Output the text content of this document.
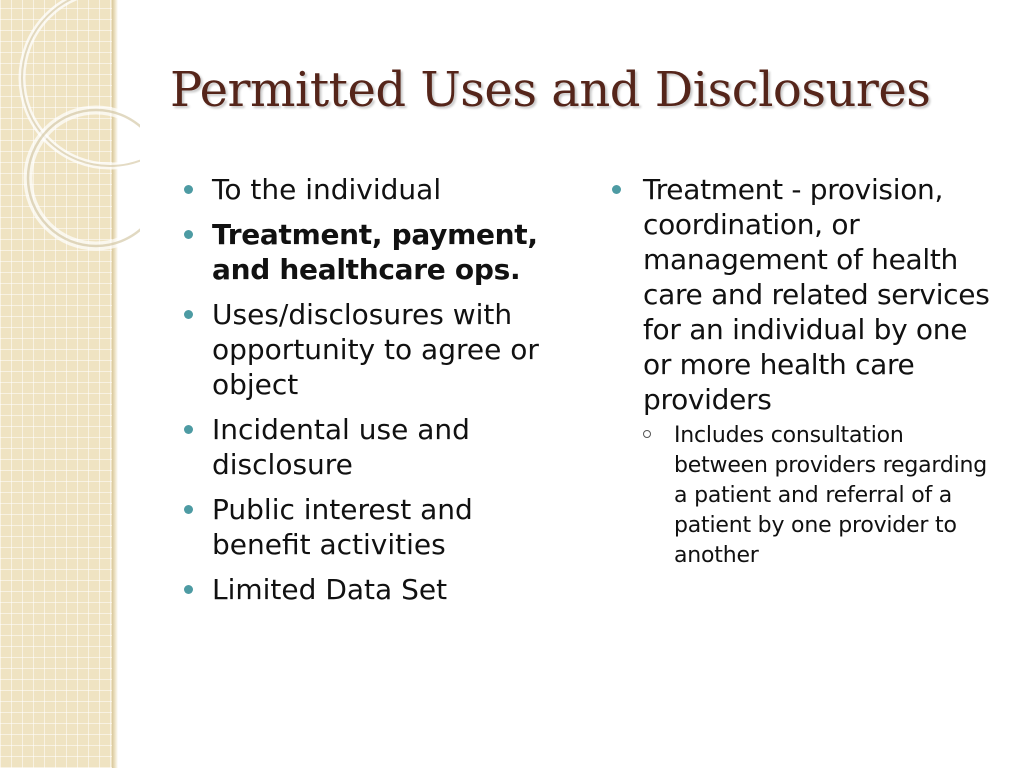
Permitted Uses and Disclosures
To the individual
Treatment, payment, and healthcare ops.
Uses/disclosures with opportunity to agree or object
Incidental use and disclosure
Public interest and benefit activities
Limited Data Set
Treatment - provision, coordination, or management of health care and related services for an individual by one or more health care providers
Includes consultation between providers regarding a patient and referral of a patient by one provider to another
